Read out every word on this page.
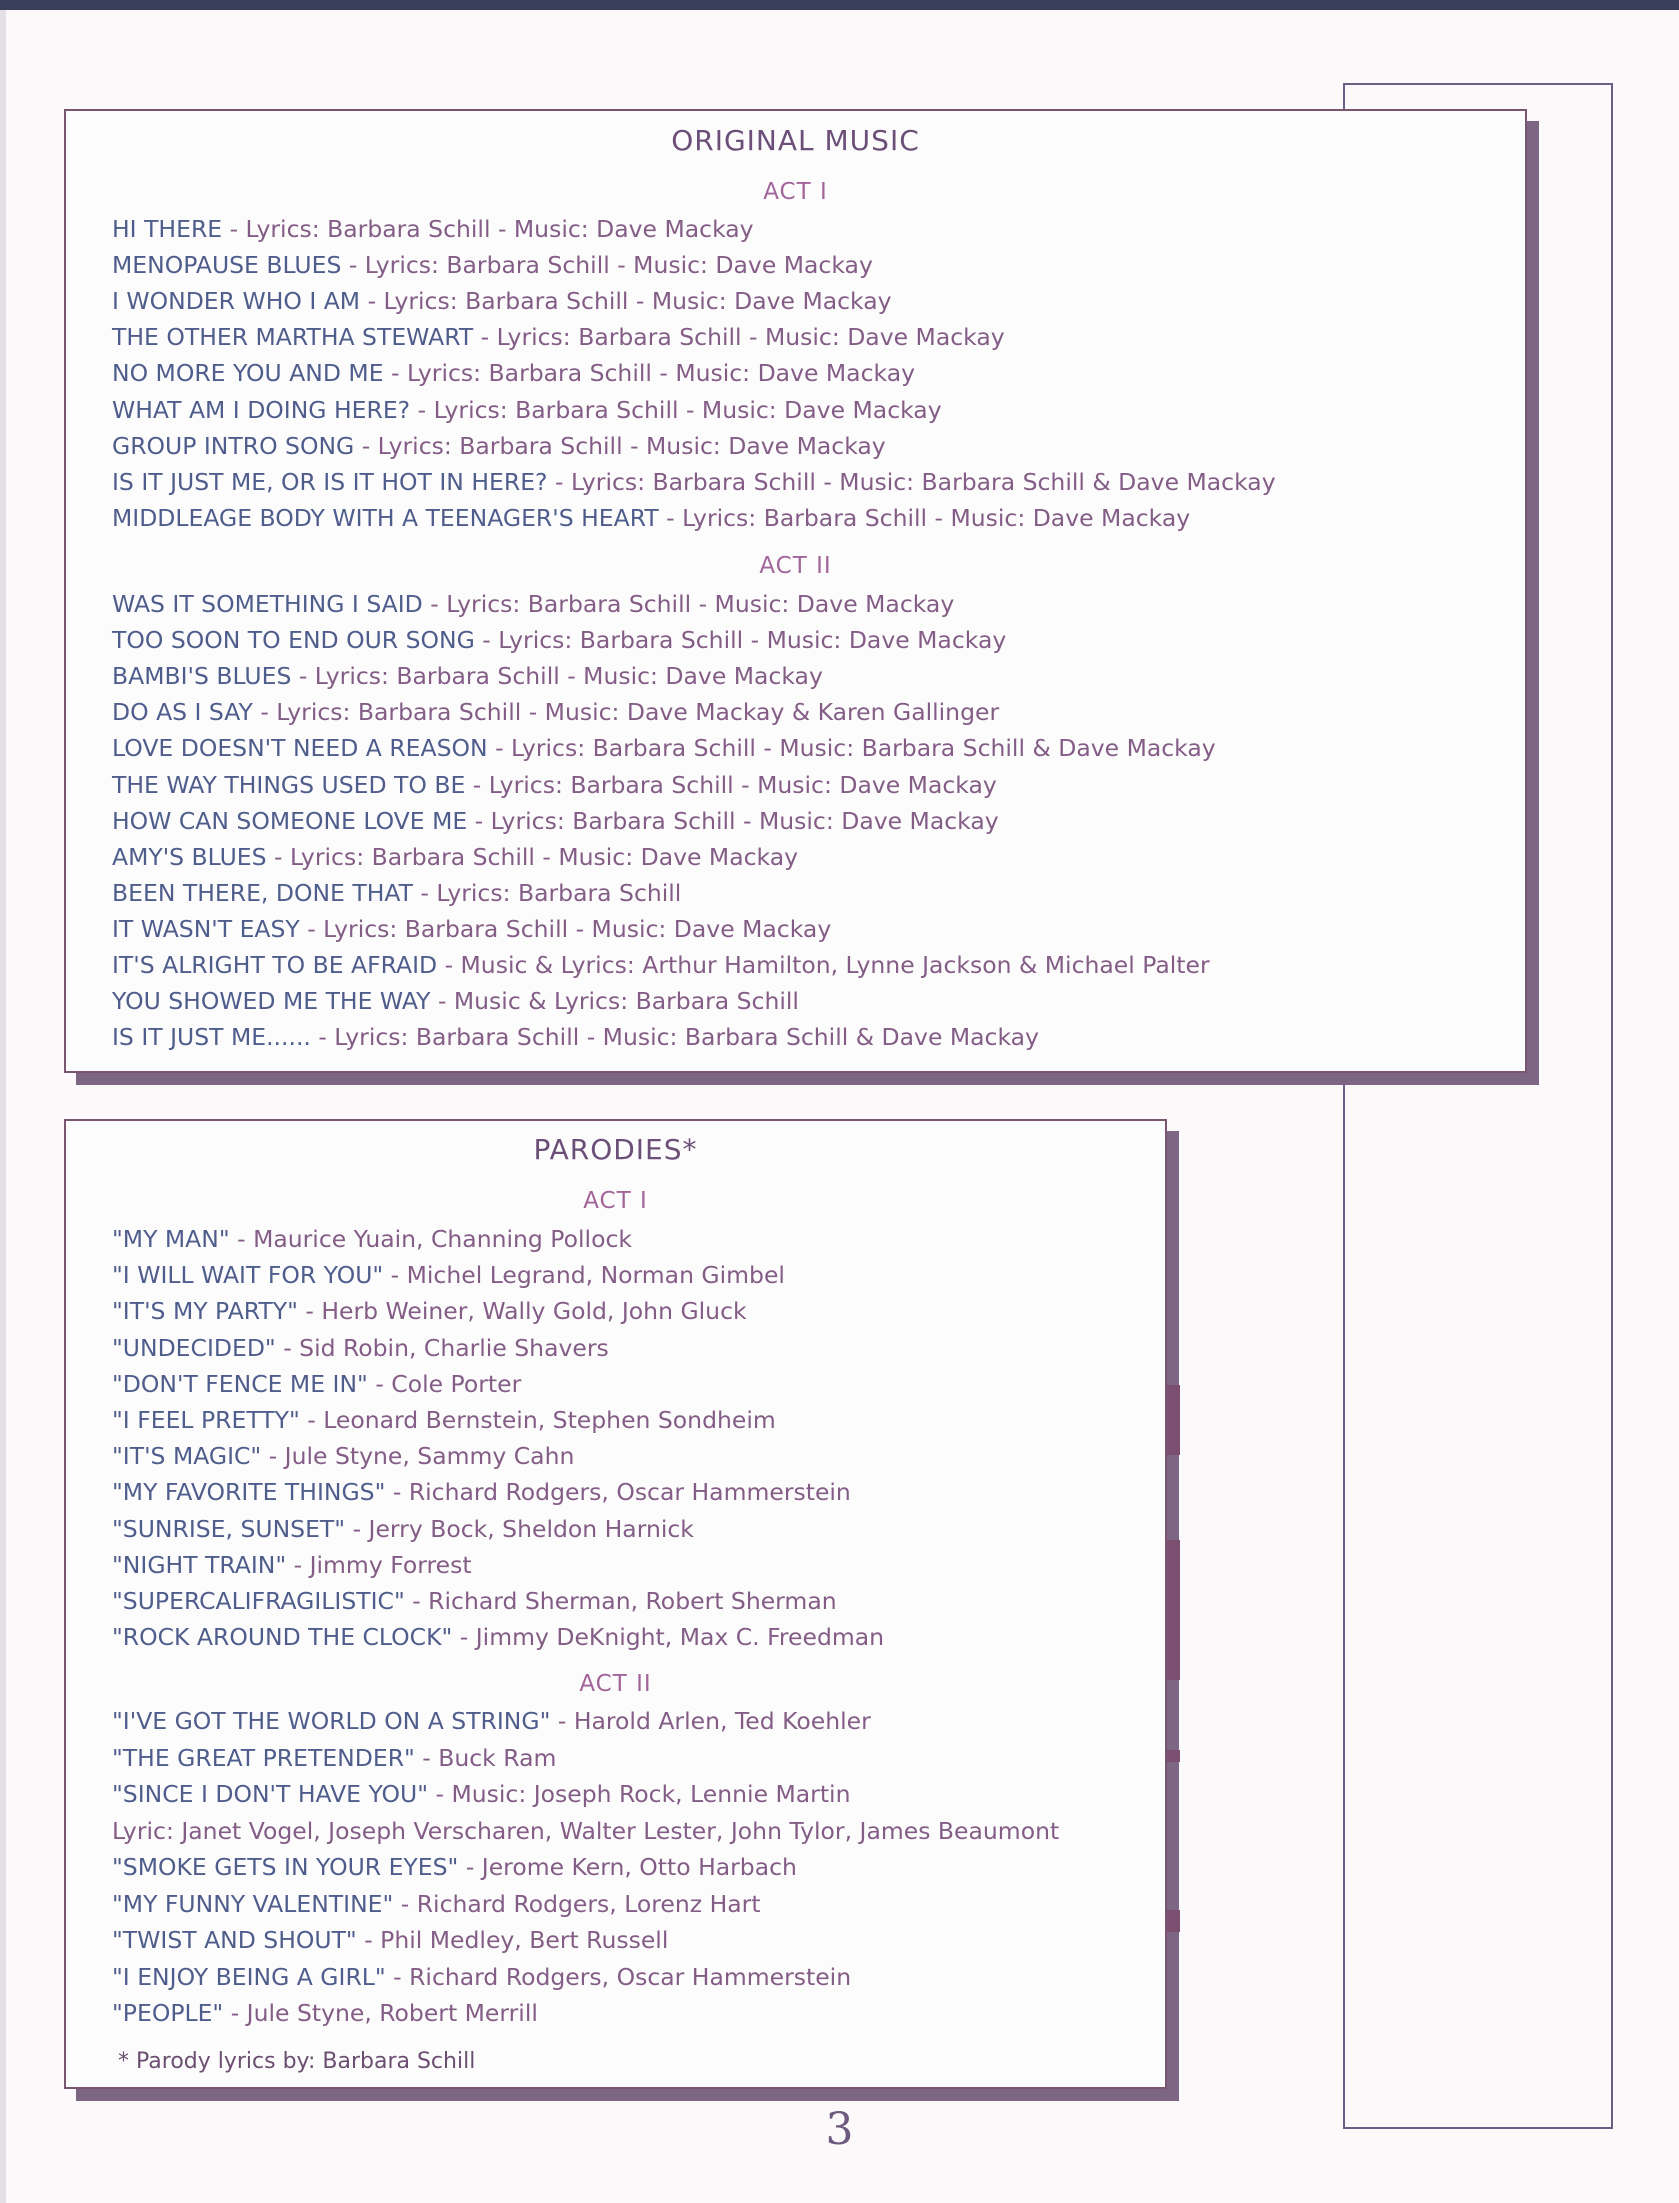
ORIGINAL MUSIC
ACT I
HI THERE - Lyrics: Barbara Schill - Music: Dave Mackay
MENOPAUSE BLUES - Lyrics: Barbara Schill - Music: Dave Mackay
I WONDER WHO I AM - Lyrics: Barbara Schill - Music: Dave Mackay
THE OTHER MARTHA STEWART - Lyrics: Barbara Schill - Music: Dave Mackay
NO MORE YOU AND ME - Lyrics: Barbara Schill - Music: Dave Mackay
WHAT AM I DOING HERE? - Lyrics: Barbara Schill - Music: Dave Mackay
GROUP INTRO SONG - Lyrics: Barbara Schill - Music: Dave Mackay
IS IT JUST ME, OR IS IT HOT IN HERE? - Lyrics: Barbara Schill - Music: Barbara Schill & Dave Mackay
MIDDLEAGE BODY WITH A TEENAGER'S HEART - Lyrics: Barbara Schill - Music: Dave Mackay
ACT II
WAS IT SOMETHING I SAID - Lyrics: Barbara Schill - Music: Dave Mackay
TOO SOON TO END OUR SONG - Lyrics: Barbara Schill - Music: Dave Mackay
BAMBI'S BLUES - Lyrics: Barbara Schill - Music: Dave Mackay
DO AS I SAY - Lyrics: Barbara Schill - Music: Dave Mackay & Karen Gallinger
LOVE DOESN'T NEED A REASON - Lyrics: Barbara Schill - Music: Barbara Schill & Dave Mackay
THE WAY THINGS USED TO BE - Lyrics: Barbara Schill - Music: Dave Mackay
HOW CAN SOMEONE LOVE ME - Lyrics: Barbara Schill - Music: Dave Mackay
AMY'S BLUES - Lyrics: Barbara Schill - Music: Dave Mackay
BEEN THERE, DONE THAT - Lyrics: Barbara Schill
IT WASN'T EASY - Lyrics: Barbara Schill - Music: Dave Mackay
IT'S ALRIGHT TO BE AFRAID - Music & Lyrics: Arthur Hamilton, Lynne Jackson & Michael Palter
YOU SHOWED ME THE WAY - Music & Lyrics: Barbara Schill
IS IT JUST ME...... - Lyrics: Barbara Schill - Music: Barbara Schill & Dave Mackay
PARODIES*
ACT I
"MY MAN" - Maurice Yuain, Channing Pollock
"I WILL WAIT FOR YOU" - Michel Legrand, Norman Gimbel
"IT'S MY PARTY" - Herb Weiner, Wally Gold, John Gluck
"UNDECIDED" - Sid Robin, Charlie Shavers
"DON'T FENCE ME IN" - Cole Porter
"I FEEL PRETTY" - Leonard Bernstein, Stephen Sondheim
"IT'S MAGIC" - Jule Styne, Sammy Cahn
"MY FAVORITE THINGS" - Richard Rodgers, Oscar Hammerstein
"SUNRISE, SUNSET" - Jerry Bock, Sheldon Harnick
"NIGHT TRAIN" - Jimmy Forrest
"SUPERCALIFRAGILISTIC" - Richard Sherman, Robert Sherman
"ROCK AROUND THE CLOCK" - Jimmy DeKnight, Max C. Freedman
ACT II
"I'VE GOT THE WORLD ON A STRING" - Harold Arlen, Ted Koehler
"THE GREAT PRETENDER" - Buck Ram
"SINCE I DON'T HAVE YOU" - Music: Joseph Rock, Lennie Martin
Lyric: Janet Vogel, Joseph Verscharen, Walter Lester, John Tylor, James Beaumont
"SMOKE GETS IN YOUR EYES" - Jerome Kern, Otto Harbach
"MY FUNNY VALENTINE" - Richard Rodgers, Lorenz Hart
"TWIST AND SHOUT" - Phil Medley, Bert Russell
"I ENJOY BEING A GIRL" - Richard Rodgers, Oscar Hammerstein
"PEOPLE" - Jule Styne, Robert Merrill
* Parody lyrics by: Barbara Schill
3
